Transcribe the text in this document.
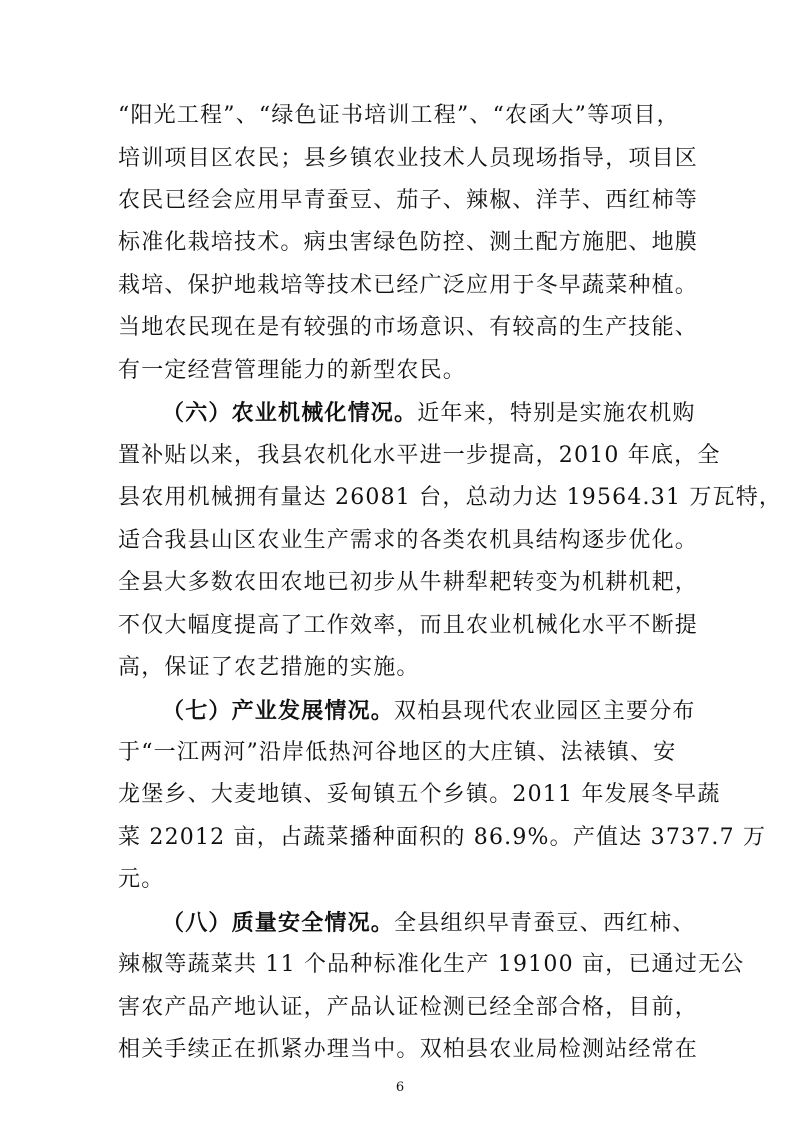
“阳光工程”、“绿色证书培训工程”、“农函大”等项目，
培训项目区农民；县乡镇农业技术人员现场指导，项目区
农民已经会应用早青蚕豆、茄子、辣椒、洋芋、西红柿等
标准化栽培技术。病虫害绿色防控、测土配方施肥、地膜
栽培、保护地栽培等技术已经广泛应用于冬早蔬菜种植。
当地农民现在是有较强的市场意识、有较高的生产技能、
有一定经营管理能力的新型农民。
（六）农业机械化情况。近年来，特别是实施农机购
置补贴以来，我县农机化水平进一步提高，2010 年底，全
县农用机械拥有量达 26081 台，总动力达 19564.31 万瓦特，
适合我县山区农业生产需求的各类农机具结构逐步优化。
全县大多数农田农地已初步从牛耕犁耙转变为机耕机耙，
不仅大幅度提高了工作效率，而且农业机械化水平不断提
高，保证了农艺措施的实施。
（七）产业发展情况。双柏县现代农业园区主要分布
于“一江两河”沿岸低热河谷地区的大庄镇、法裱镇、安
龙堡乡、大麦地镇、妥甸镇五个乡镇。2011 年发展冬早蔬
菜 22012 亩，占蔬菜播种面积的 86.9%。产值达 3737.7 万
元。
（八）质量安全情况。全县组织早青蚕豆、西红柿、
辣椒等蔬菜共 11 个品种标准化生产 19100 亩，已通过无公
害农产品产地认证，产品认证检测已经全部合格，目前，
相关手续正在抓紧办理当中。双柏县农业局检测站经常在
6
